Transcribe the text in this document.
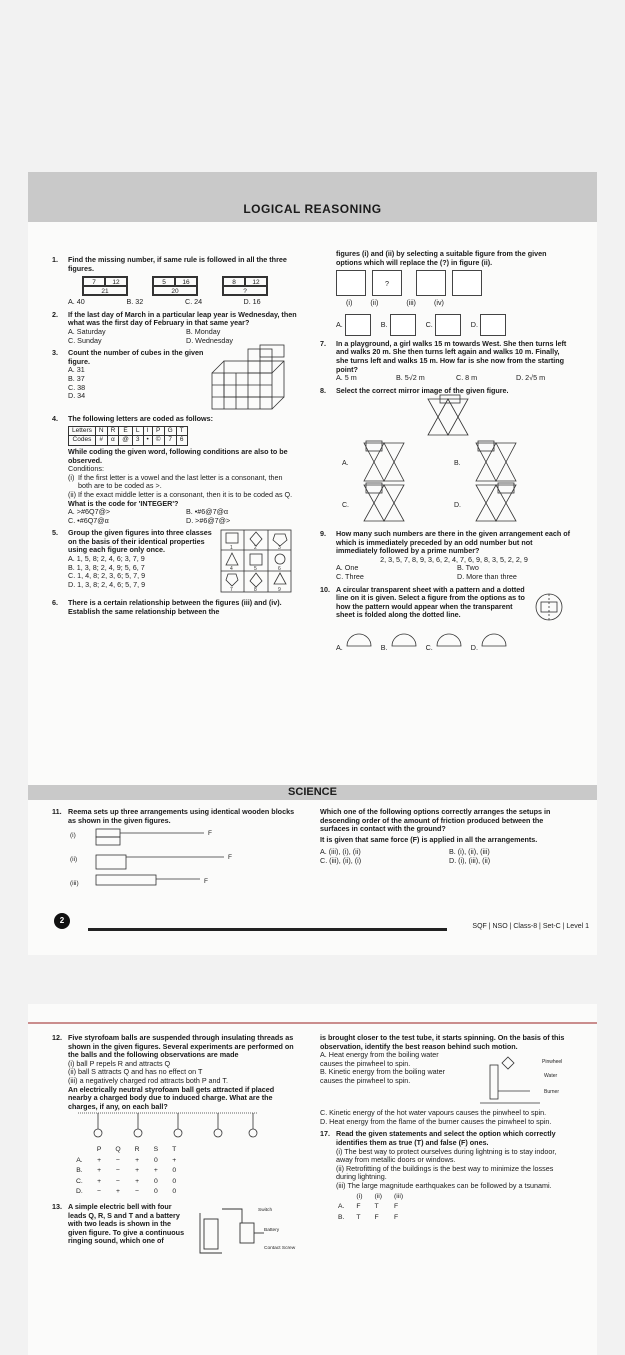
LOGICAL REASONING
1. Find the missing number, if same rule is followed in all the three figures.
7	12
21

5	16
20

8	12
?
A. 40	B. 32	C. 24	D. 16
2. If the last day of March in a particular leap year is Wednesday, then what was the first day of February in that same year?
A. Saturday	B. Monday
C. Sunday	D. Wednesday
3. Count the number of cubes in the given figure.
A. 31
B. 37
C. 38
D. 34
4. The following letters are coded as follows:
Letters	N	R	E	L	I	P	G	T
Codes	#	α	@	3	•	©	7	6
While coding the given word, following conditions are also to be observed.
Conditions:
(i) If the first letter is a vowel and the last letter is a consonant, then both are to be coded as >.
(ii) If the exact middle letter is a consonant, then it is to be coded as Q.
What is the code for 'INTEGER'?
A. >#6Q7@>	B. •#6@7@α
C. •#6Q7@α	D. >#6@7@>
5. Group the given figures into three classes on the basis of their identical properties using each figure only once.
A. 1, 5, 8; 2, 4, 6; 3, 7, 9
B. 1, 3, 8; 2, 4, 9; 5, 6, 7
C. 1, 4, 8; 2, 3, 6; 5, 7, 9
D. 1, 3, 8; 2, 4, 6; 5, 7, 9
1	2	3
4	5	6
7	8	9
6. There is a certain relationship between the figures (iii) and (iv). Establish the same relationship between the
figures (i) and (ii) by selecting a suitable figure from the given options which will replace the (?) in figure (ii).
?
(i)	(ii)	(iii)	(iv)
A.	B.	C.	D.
7. In a playground, a girl walks 15 m towards West. She then turns left and walks 20 m. She then turns left again and walks 10 m. Finally, she turns left and walks 15 m. How far is she now from the starting point?
A. 5 m	B. 5√2 m	C. 8 m	D. 2√5 m
8. Select the correct mirror image of the given figure.
A.	B.
C.	D.
9. How many such numbers are there in the given arrangement each of which is immediately preceded by an odd number but not immediately followed by a prime number?
2, 3, 5, 7, 8, 9, 3, 6, 2, 4, 7, 6, 9, 8, 3, 5, 2, 2, 9
A. One	B. Two
C. Three	D. More than three
10. A circular transparent sheet with a pattern and a dotted line on it is given. Select a figure from the options as to how the pattern would appear when the transparent sheet is folded along the dotted line.
A.	B.	C.	D.
SCIENCE
11. Reema sets up three arrangements using identical wooden blocks as shown in the given figures.
(i)
(ii)
(iii)
F
F
F
Which one of the following options correctly arranges the setups in descending order of the amount of friction produced between the surfaces in contact with the ground?
It is given that same force (F) is applied in all the arrangements.
A. (iii), (i), (ii)	B. (i), (ii), (iii)
C. (iii), (ii), (i)	D. (i), (iii), (ii)
2
SQF | NSO | Class-8 | Set-C | Level 1
12. Five styrofoam balls are suspended through insulating threads as shown in the given figures. Several experiments are performed on the balls and the following observations are made
(i) ball P repels R and attracts Q
(ii) ball S attracts Q and has no effect on T
(iii) a negatively charged rod attracts both P and T.
An electrically neutral styrofoam ball gets attracted if placed nearby a charged body due to induced charge. What are the charges, if any, on each ball?
	P	Q	R	S	T
A.	+	−	+	0	+
B.	+	−	+	+	0
C.	+	−	+	0	0
D.	−	+	−	0	0
13. A simple electric bell with four leads Q, R, S and T and a battery with two leads is shown in the given figure. To give a continuous ringing sound, which one of
Switch
Battery
Contact Screw
is brought closer to the test tube, it starts spinning. On the basis of this observation, identify the best reason behind such motion.
A. Heat energy from the boiling water causes the pinwheel to spin.
B. Kinetic energy from the boiling water causes the pinwheel to spin.
Pinwheel
Water
Burner
C. Kinetic energy of the hot water vapours causes the pinwheel to spin.
D. Heat energy from the flame of the burner causes the pinwheel to spin.
17. Read the given statements and select the option which correctly identifies them as true (T) and false (F) ones.
(i) The best way to protect ourselves during lightning is to stay indoor, away from metallic doors or windows.
(ii) Retrofitting of the buildings is the best way to minimize the losses during lightning.
(iii) The large magnitude earthquakes can be followed by a tsunami.
	(i)	(ii)	(iii)
A.	F	T	F
B.	T	F	F
